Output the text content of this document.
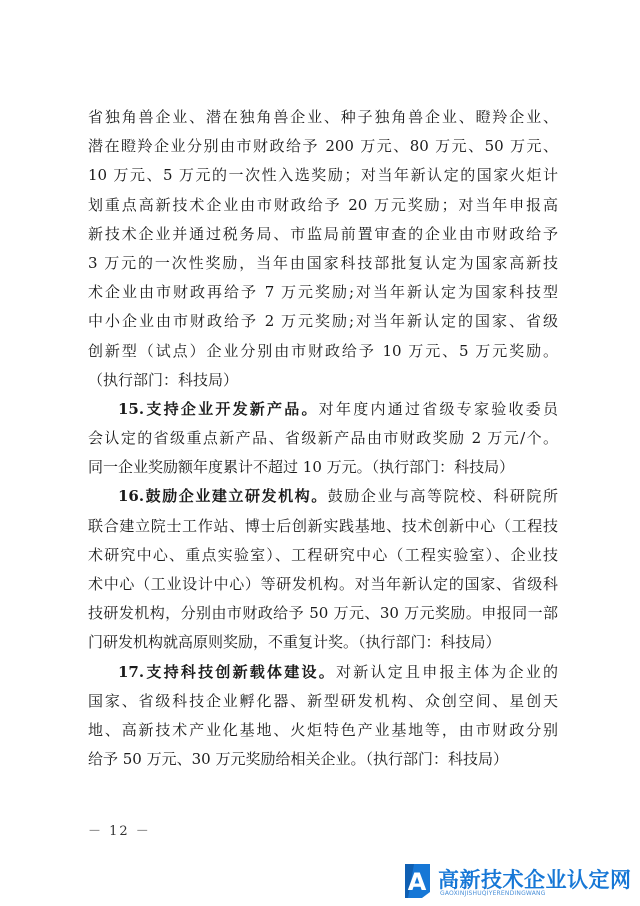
省独角兽企业、潜在独角兽企业、种子独角兽企业、瞪羚企业、
潜在瞪羚企业分别由市财政给予 200 万元、80 万元、50 万元、
10 万元、5 万元的一次性入选奖励；对当年新认定的国家火炬计
划重点高新技术企业由市财政给予 20 万元奖励；对当年申报高
新技术企业并通过税务局、市监局前置审查的企业由市财政给予
3 万元的一次性奖励，当年由国家科技部批复认定为国家高新技
术企业由市财政再给予 7 万元奖励;对当年新认定为国家科技型
中小企业由市财政给予 2 万元奖励;对当年新认定的国家、省级
创新型（试点）企业分别由市财政给予 10 万元、5 万元奖励。
（执行部门：科技局）
15.支持企业开发新产品。对年度内通过省级专家验收委员
会认定的省级重点新产品、省级新产品由市财政奖励 2 万元/个。
同一企业奖励额年度累计不超过 10 万元。（执行部门：科技局）
16.鼓励企业建立研发机构。鼓励企业与高等院校、科研院所
联合建立院士工作站、博士后创新实践基地、技术创新中心（工程技
术研究中心、重点实验室）、工程研究中心（工程实验室）、企业技
术中心（工业设计中心）等研发机构。对当年新认定的国家、省级科
技研发机构，分别由市财政给予 50 万元、30 万元奖励。申报同一部
门研发机构就高原则奖励，不重复计奖。（执行部门：科技局）
17.支持科技创新载体建设。对新认定且申报主体为企业的
国家、省级科技企业孵化器、新型研发机构、众创空间、星创天
地、高新技术产业化基地、火炬特色产业基地等，由市财政分别
给予 50 万元、30 万元奖励给相关企业。（执行部门：科技局）
－ 12 －
A 高新技术企业认定网
GAOXINJISHUQIYERENDINGWANG
